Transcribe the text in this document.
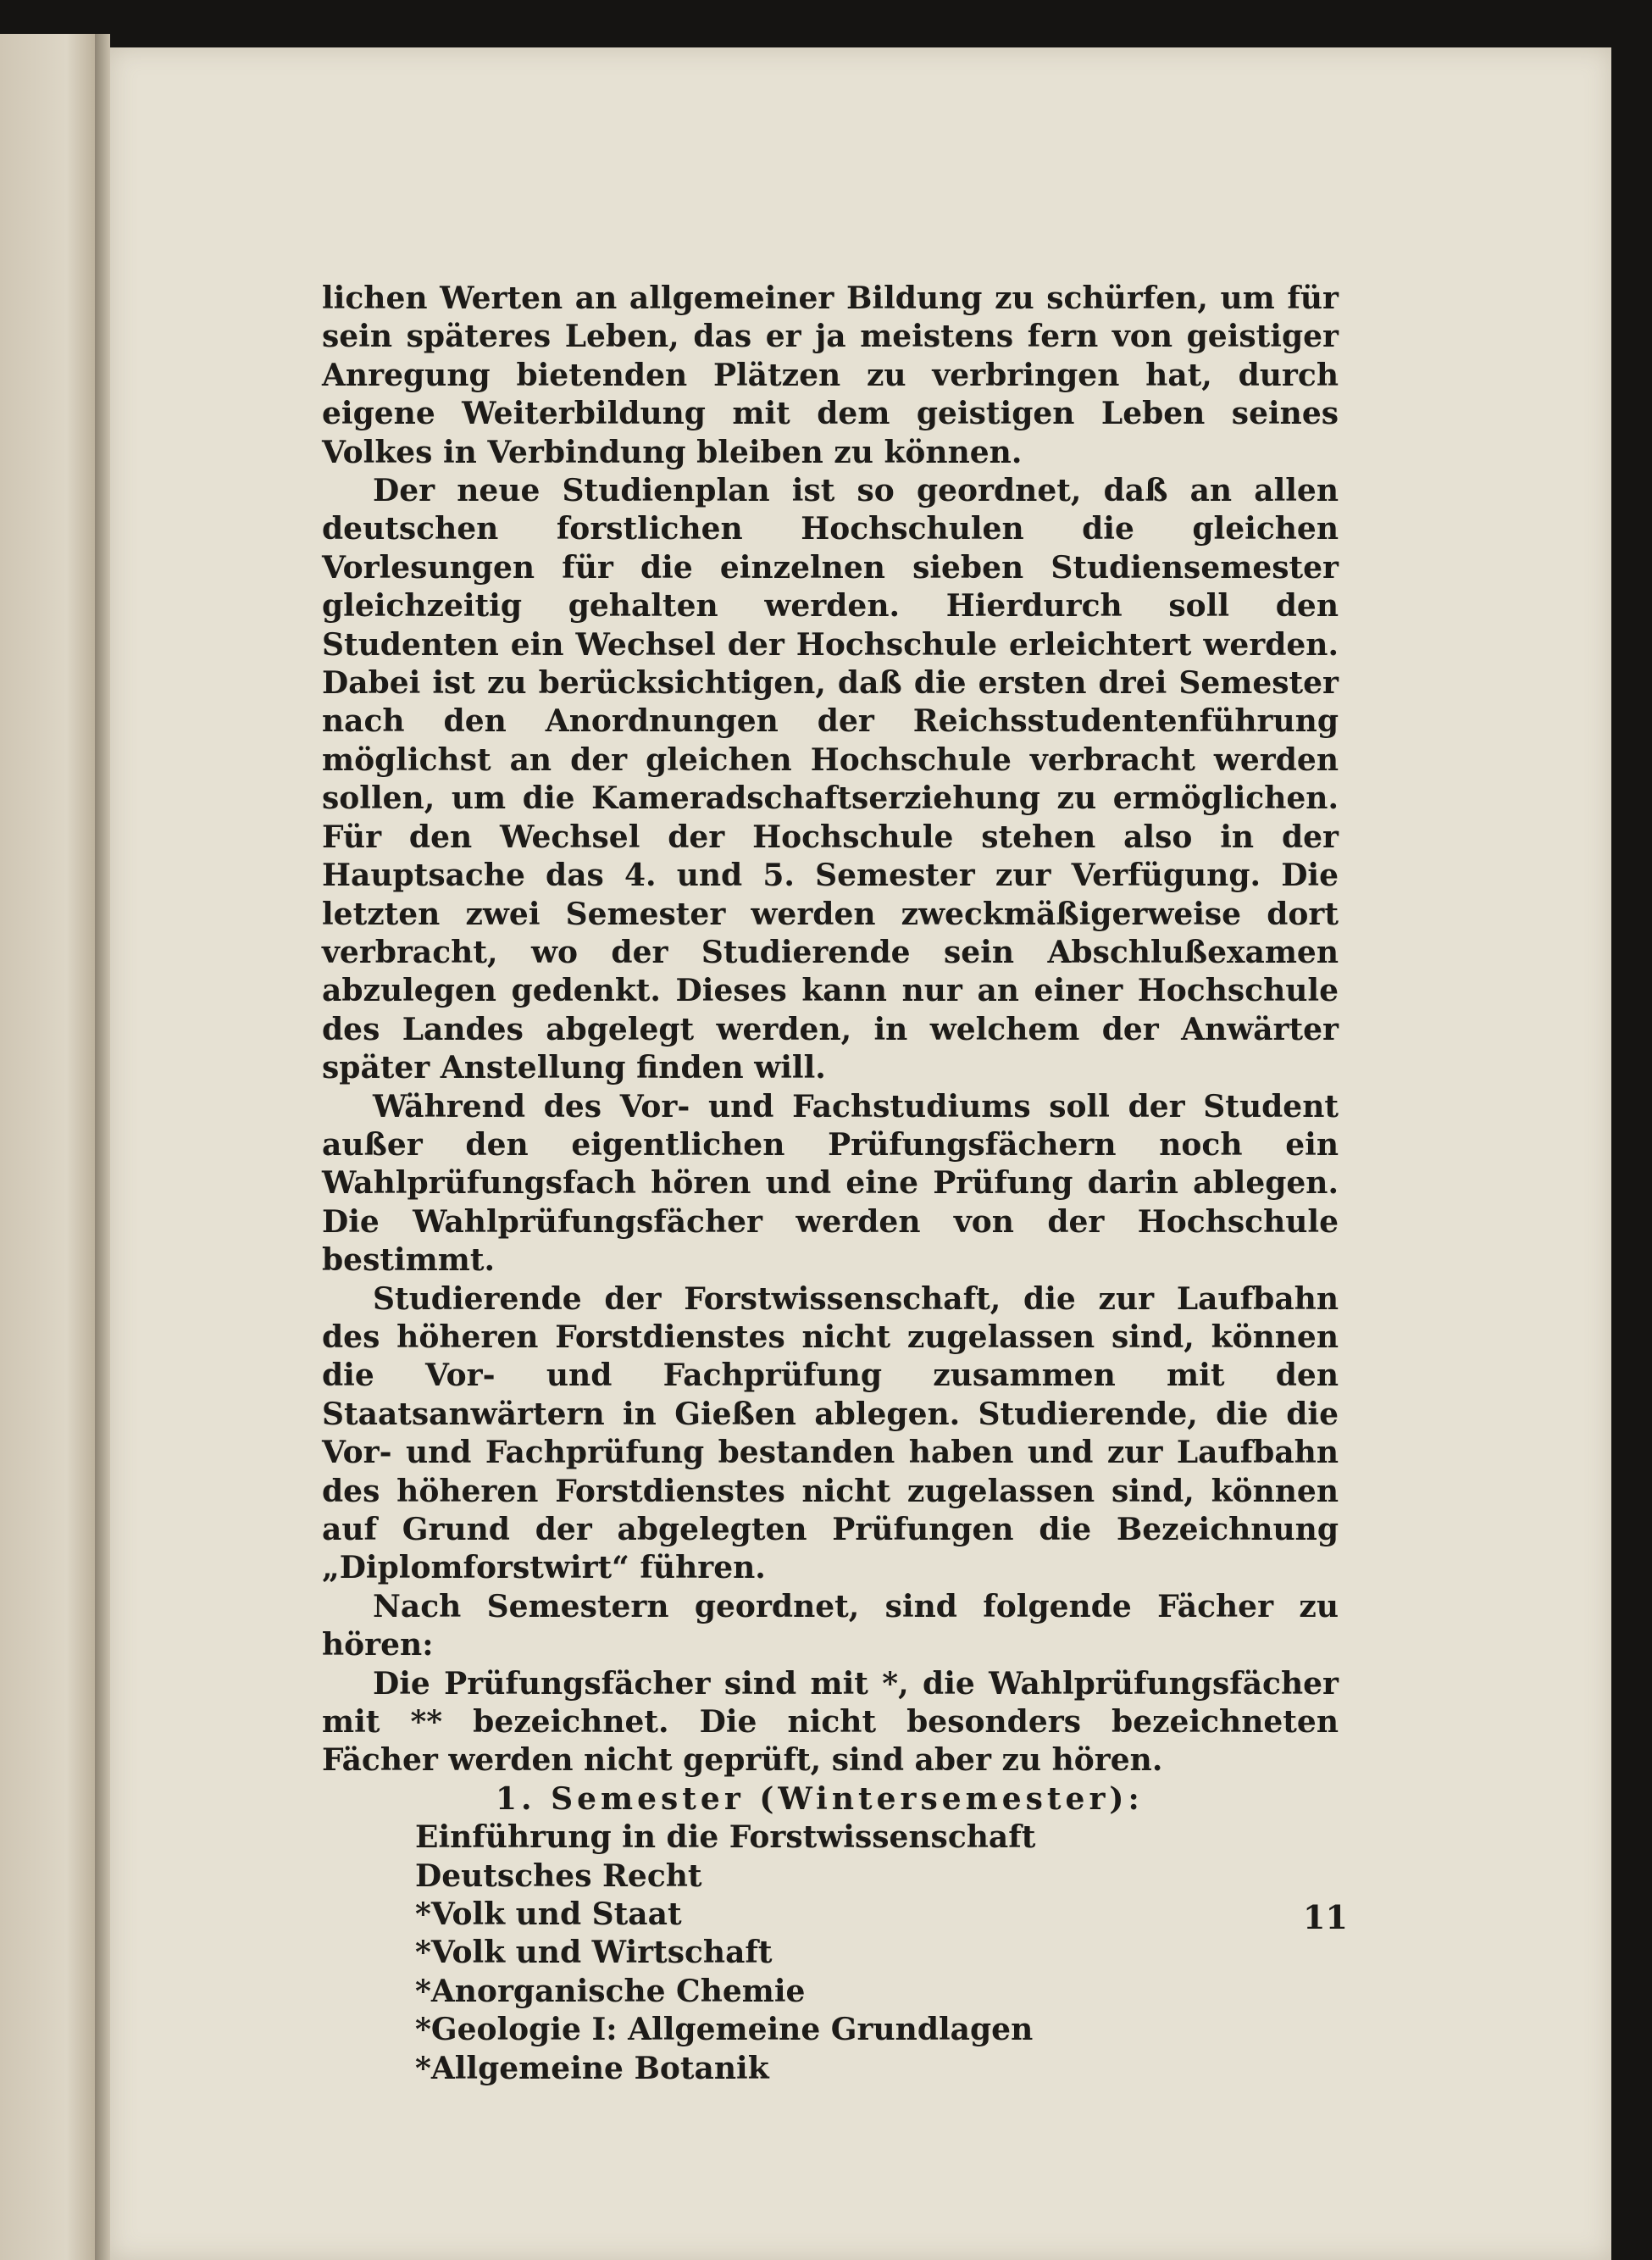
lichen Werten an allgemeiner Bildung zu schürfen, um für sein späteres Leben, das er ja meistens fern von geistiger Anregung bietenden Plätzen zu verbringen hat, durch eigene Weiterbildung mit dem geistigen Leben seines Volkes in Verbindung bleiben zu können.

Der neue Studienplan ist so geordnet, daß an allen deutschen forstlichen Hochschulen die gleichen Vorlesungen für die einzelnen sieben Studiensemester gleichzeitig gehalten werden. Hierdurch soll den Studenten ein Wechsel der Hochschule erleichtert werden. Dabei ist zu berücksichtigen, daß die ersten drei Semester nach den Anordnungen der Reichsstudentenführung möglichst an der gleichen Hochschule verbracht werden sollen, um die Kameradschaftserziehung zu ermöglichen. Für den Wechsel der Hochschule stehen also in der Hauptsache das 4. und 5. Semester zur Verfügung. Die letzten zwei Semester werden zweckmäßigerweise dort verbracht, wo der Studierende sein Abschlußexamen abzulegen gedenkt. Dieses kann nur an einer Hochschule des Landes abgelegt werden, in welchem der Anwärter später Anstellung finden will.

Während des Vor- und Fachstudiums soll der Student außer den eigentlichen Prüfungsfächern noch ein Wahlprüfungsfach hören und eine Prüfung darin ablegen. Die Wahlprüfungsfächer werden von der Hochschule bestimmt.

Studierende der Forstwissenschaft, die zur Laufbahn des höheren Forstdienstes nicht zugelassen sind, können die Vor- und Fachprüfung zusammen mit den Staatsanwärtern in Gießen ablegen. Studierende, die die Vor- und Fachprüfung bestanden haben und zur Laufbahn des höheren Forstdienstes nicht zugelassen sind, können auf Grund der abgelegten Prüfungen die Bezeichnung „Diplomforstwirt“ führen.

Nach Semestern geordnet, sind folgende Fächer zu hören:

Die Prüfungsfächer sind mit *, die Wahlprüfungsfächer mit ** bezeichnet. Die nicht besonders bezeichneten Fächer werden nicht geprüft, sind aber zu hören.

1. Semester (Wintersemester):

Einführung in die Forstwissenschaft
Deutsches Recht
*Volk und Staat
*Volk und Wirtschaft
*Anorganische Chemie
*Geologie I: Allgemeine Grundlagen
*Allgemeine Botanik
11
